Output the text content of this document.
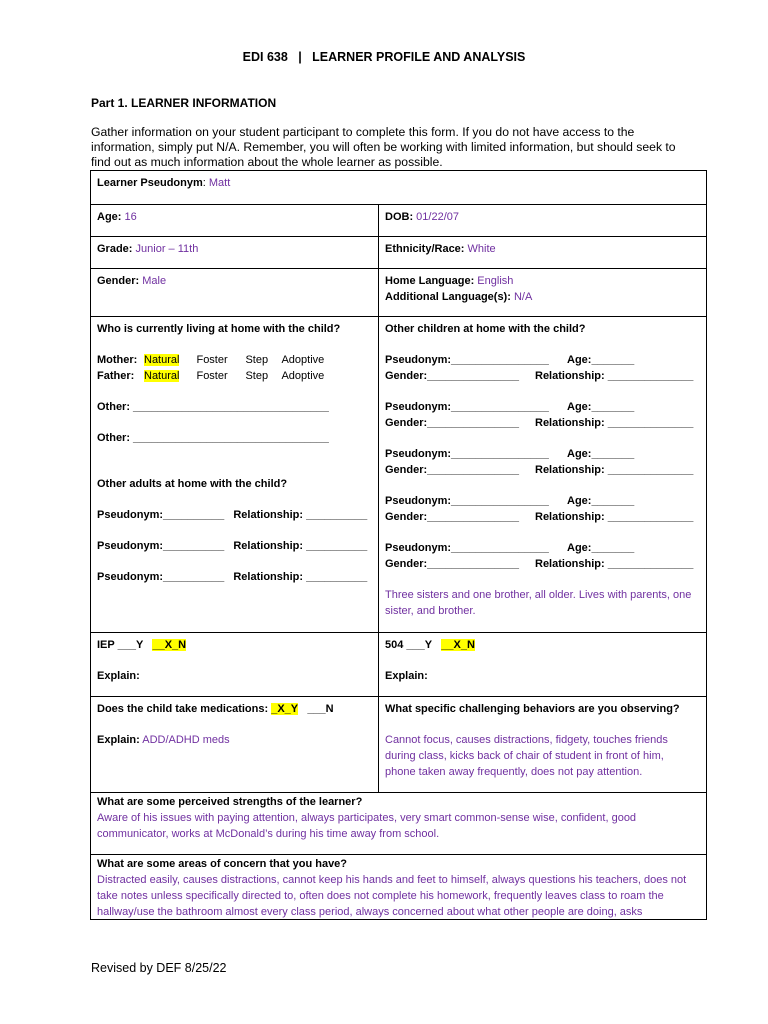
EDI 638   |   LEARNER PROFILE AND ANALYSIS
Part 1. LEARNER INFORMATION
Gather information on your student participant to complete this form. If you do not have access to the information, simply put N/A. Remember, you will often be working with limited information, but should seek to find out as much information about the whole learner as possible.
Learner Pseudonym: Matt
Age: 16	DOB: 01/22/07
Grade: Junior – 11th	Ethnicity/Race: White
Gender: Male	Home Language: English
Additional Language(s): N/A
Who is currently living at home with the child?
Mother: Natural Foster Step Adoptive
Father: Natural Foster Step Adoptive
Other: ________________________________
Other: ________________________________
Other adults at home with the child?
Pseudonym:__________ Relationship: __________
Pseudonym:__________ Relationship: __________
Pseudonym:__________ Relationship: __________
Other children at home with the child?
Pseudonym:________________ Age:_______
Gender:_______________ Relationship: ______________
Pseudonym:________________ Age:_______
Gender:_______________ Relationship: ______________
Pseudonym:________________ Age:_______
Gender:_______________ Relationship: ______________
Pseudonym:________________ Age:_______
Gender:_______________ Relationship: ______________
Pseudonym:________________ Age:_______
Gender:_______________ Relationship: ______________
Three sisters and one brother, all older. Lives with parents, one sister, and brother.
IEP ___Y __X_N
Explain:
504 ___Y __X_N
Explain:
Does the child take medications: _X_Y ___N
Explain: ADD/ADHD meds
What specific challenging behaviors are you observing?
Cannot focus, causes distractions, fidgety, touches friends during class, kicks back of chair of student in front of him, phone taken away frequently, does not pay attention.
What are some perceived strengths of the learner?
Aware of his issues with paying attention, always participates, very smart common-sense wise, confident, good communicator, works at McDonald’s during his time away from school.
What are some areas of concern that you have?
Distracted easily, causes distractions, cannot keep his hands and feet to himself, always questions his teachers, does not take notes unless specifically directed to, often does not complete his homework, frequently leaves class to roam the hallway/use the bathroom almost every class period, always concerned about what other people are doing, asks
Revised by DEF 8/25/22
